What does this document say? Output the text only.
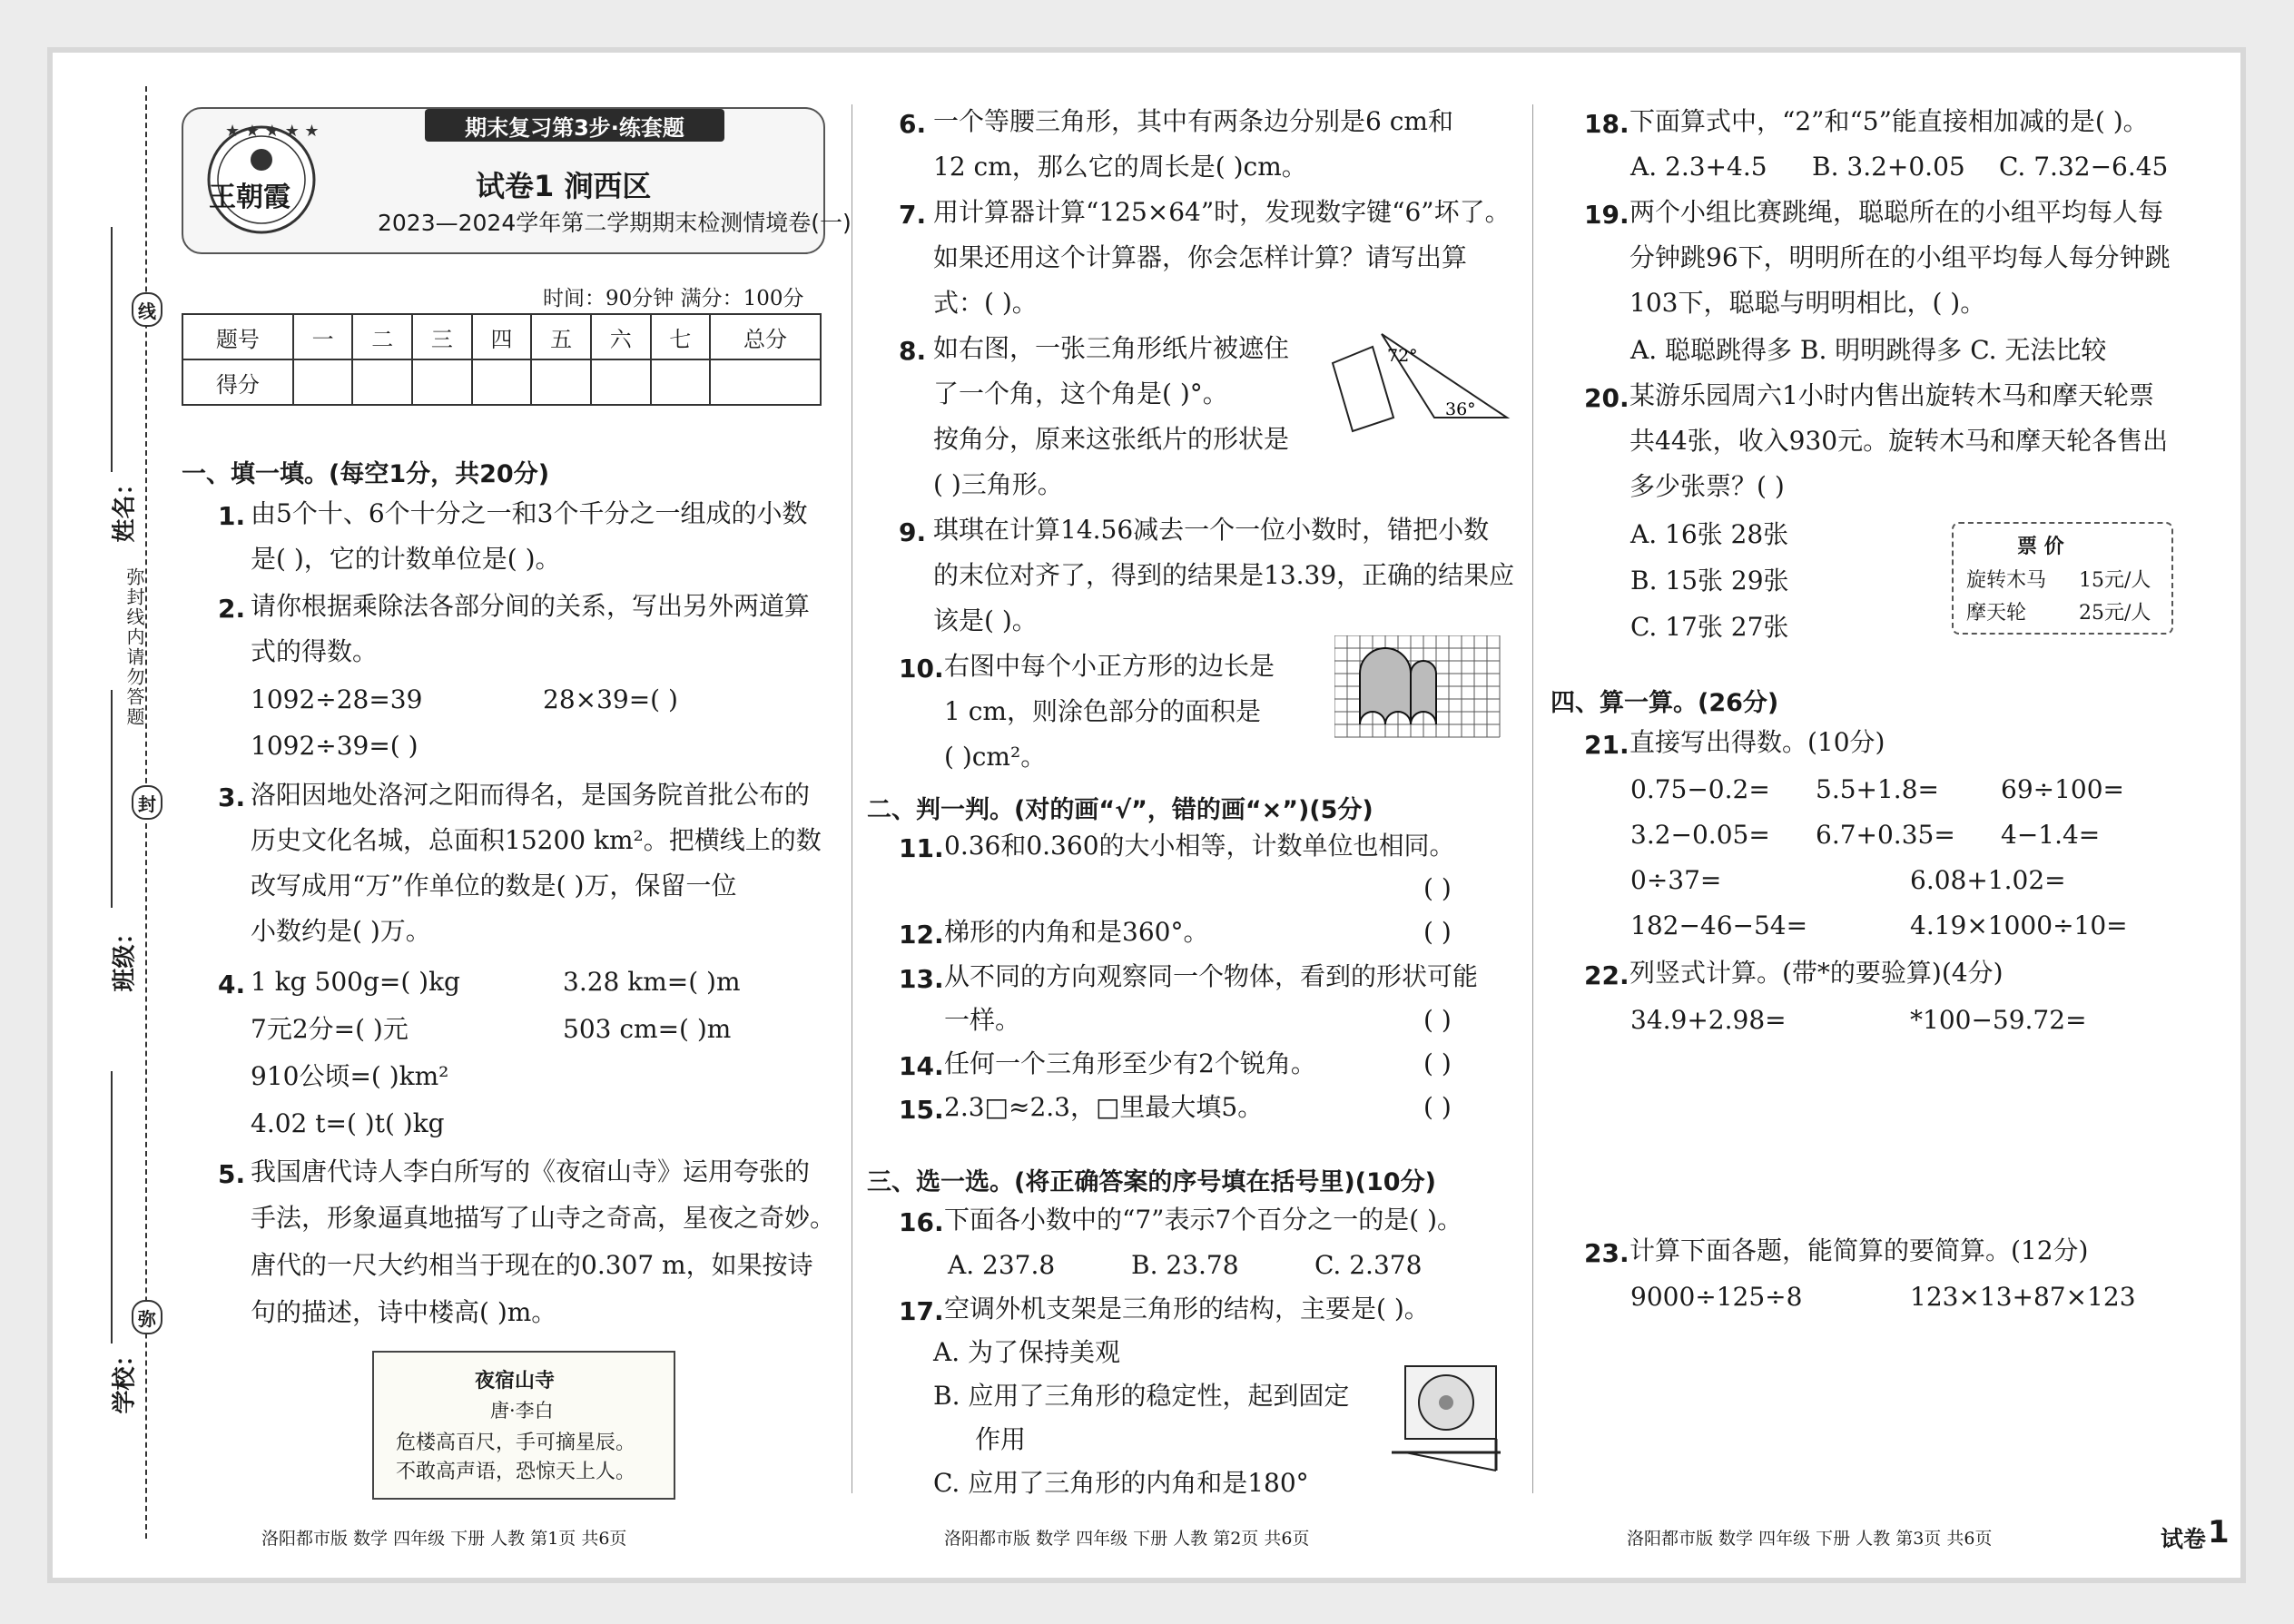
线
封
弥
弥封线内请勿答题
姓名：
班级：
学校：
★ ★ ★ ★ ★
王朝霞
期末复习第3步·练套题
试卷1 涧西区
2023—2024学年第二学期期末检测情境卷(一)
时间：90分钟 满分：100分
题号	一	二	三	四	五	六	七	总分
得分								
一、填一填。(每空1分，共20分)
1. 由5个十、6个十分之一和3个千分之一组成的小数
是( )，它的计数单位是( )。
2. 请你根据乘除法各部分间的关系，写出另外两道算
式的得数。
1092÷28=39	28×39=( )
1092÷39=( )
3. 洛阳因地处洛河之阳而得名，是国务院首批公布的
历史文化名城，总面积15200 km²。把横线上的数
改写成用“万”作单位的数是( )万，保留一位
小数约是( )万。
4. 1 kg 500g=( )kg	3.28 km=( )m
7元2分=( )元	503 cm=( )m
910公顷=( )km²
4.02 t=( )t( )kg
5. 我国唐代诗人李白所写的《夜宿山寺》运用夸张的
手法，形象逼真地描写了山寺之奇高，星夜之奇妙。
唐代的一尺大约相当于现在的0.307 m，如果按诗
句的描述，诗中楼高( )m。
夜宿山寺
唐·李白
危楼高百尺，手可摘星辰。
不敢高声语，恐惊天上人。
洛阳都市版 数学 四年级 下册 人教 第1页 共6页
6. 一个等腰三角形，其中有两条边分别是6 cm和
12 cm，那么它的周长是( )cm。
7. 用计算器计算“125×64”时，发现数字键“6”坏了。
如果还用这个计算器，你会怎样计算？请写出算
式：( )。
8. 如右图，一张三角形纸片被遮住
了一个角，这个角是( )°。
按角分，原来这张纸片的形状是
( )三角形。
72°
36°
9. 琪琪在计算14.56减去一个一位小数时，错把小数
的末位对齐了，得到的结果是13.39，正确的结果应
该是( )。
10. 右图中每个小正方形的边长是
1 cm，则涂色部分的面积是
( )cm²。
二、判一判。(对的画“√”，错的画“×”)(5分)
11. 0.36和0.360的大小相等，计数单位也相同。
( )
12. 梯形的内角和是360°。	( )
13. 从不同的方向观察同一个物体，看到的形状可能
一样。	( )
14. 任何一个三角形至少有2个锐角。	( )
15. 2.3□≈2.3，□里最大填5。	( )
三、选一选。(将正确答案的序号填在括号里)(10分)
16. 下面各小数中的“7”表示7个百分之一的是( )。
A. 237.8	B. 23.78	C. 2.378
17. 空调外机支架是三角形的结构，主要是( )。
A. 为了保持美观
B. 应用了三角形的稳定性，起到固定
作用
C. 应用了三角形的内角和是180°
洛阳都市版 数学 四年级 下册 人教 第2页 共6页
18. 下面算式中，“2”和“5”能直接相加减的是( )。
A. 2.3+4.5 B. 3.2+0.05 C. 7.32−6.45
19. 两个小组比赛跳绳，聪聪所在的小组平均每人每
分钟跳96下，明明所在的小组平均每人每分钟跳
103下，聪聪与明明相比，( )。
A. 聪聪跳得多 B. 明明跳得多 C. 无法比较
20. 某游乐园周六1小时内售出旋转木马和摩天轮票
共44张，收入930元。旋转木马和摩天轮各售出
多少张票？( )
A. 16张 28张
B. 15张 29张
C. 17张 27张
票 价
旋转木马 15元/人
摩天轮	25元/人
四、算一算。(26分)
21. 直接写出得数。(10分)
0.75−0.2= 5.5+1.8= 69÷100=
3.2−0.05= 6.7+0.35= 4−1.4=
0÷37=	6.08+1.02=
182−46−54=	4.19×1000÷10=
22. 列竖式计算。(带*的要验算)(4分)
34.9+2.98=	*100−59.72=
23. 计算下面各题，能简算的要简算。(12分)
9000÷125÷8	123×13+87×123
洛阳都市版 数学 四年级 下册 人教 第3页 共6页	试卷 1
